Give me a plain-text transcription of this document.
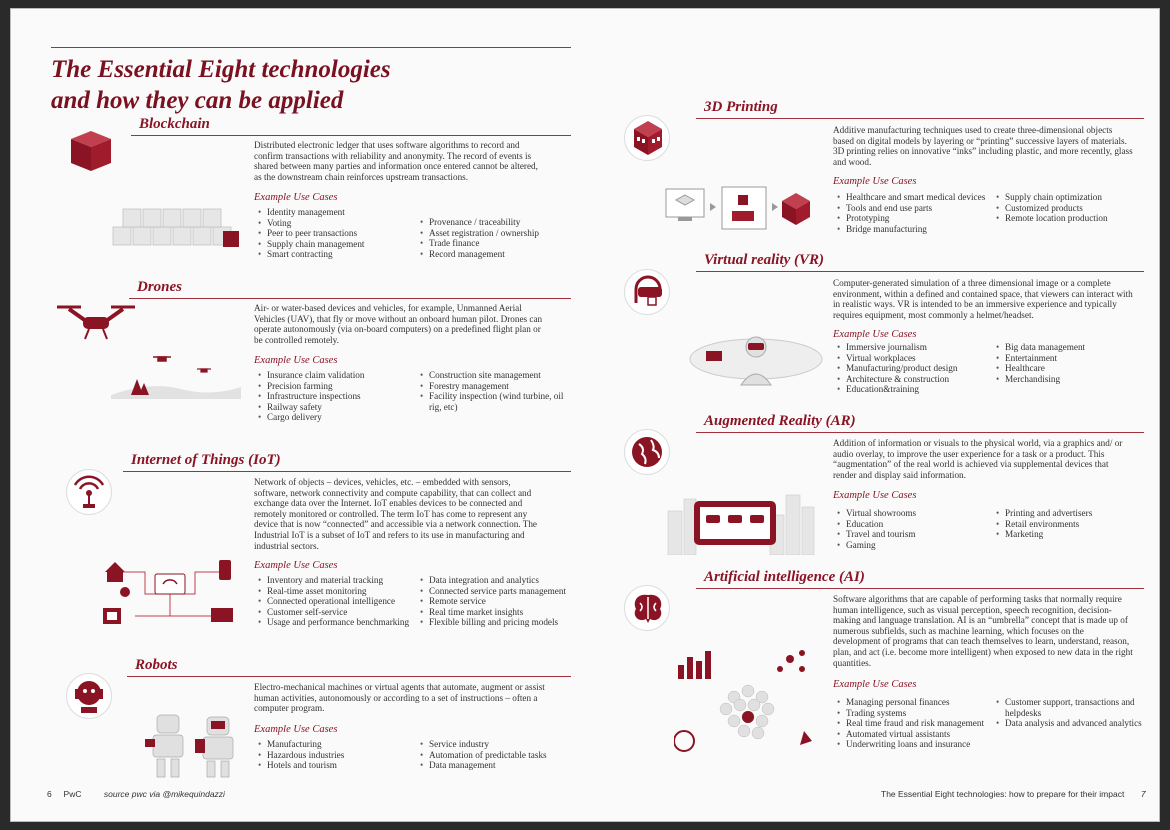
The Essential Eight technologies
and how they can be applied
Blockchain
Distributed electronic ledger that uses software algorithms to record and confirm transactions with reliability and anonymity. The record of events is shared between many parties and information once entered cannot be altered, as the downstream chain reinforces upstream transactions.
Example Use Cases
• Identity management
• Voting
• Peer to peer transactions
• Supply chain management
• Smart contracting
• Provenance / traceability
• Asset registration / ownership
• Trade finance
• Record management
Drones
Air- or water-based devices and vehicles, for example, Unmanned Aerial Vehicles (UAV), that fly or move without an onboard human pilot. Drones can operate autonomously (via on-board computers) on a predefined flight plan or be controlled remotely.
Example Use Cases
• Insurance claim validation
• Precision farming
• Infrastructure inspections
• Railway safety
• Cargo delivery
• Construction site management
• Forestry management
• Facility inspection (wind turbine, oil rig, etc)
Internet of Things (IoT)
Network of objects – devices, vehicles, etc. – embedded with sensors, software, network connectivity and compute capability, that can collect and exchange data over the Internet. IoT enables devices to be connected and remotely monitored or controlled. The term IoT has come to represent any device that is now “connected” and accessible via a network connection. The Industrial IoT is a subset of IoT and refers to its use in manufacturing and industrial sectors.
Example Use Cases
• Inventory and material tracking
• Real-time asset monitoring
• Connected operational intelligence
• Customer self-service
• Usage and performance benchmarking
• Data integration and analytics
• Connected service parts management
• Remote service
• Real time market insights
• Flexible billing and pricing models
Robots
Electro-mechanical machines or virtual agents that automate, augment or assist human activities, autonomously or according to a set of instructions – often a computer program.
Example Use Cases
• Manufacturing
• Hazardous industries
• Hotels and tourism
• Service industry
• Automation of predictable tasks
• Data management
6 PwC	source pwc via @mikequindazzi
3D Printing
Additive manufacturing techniques used to create three-dimensional objects based on digital models by layering or “printing” successive layers of materials. 3D printing relies on innovative “inks” including plastic, and more recently, glass and wood.
Example Use Cases
• Healthcare and smart medical devices
• Tools and end use parts
• Prototyping
• Bridge manufacturing
• Supply chain optimization
• Customized products
• Remote location production
Virtual reality (VR)
Computer-generated simulation of a three dimensional image or a complete environment, within a defined and contained space, that viewers can interact with in realistic ways. VR is intended to be an immersive experience and typically requires equipment, most commonly a helmet/headset.
Example Use Cases
• Immersive journalism
• Virtual workplaces
• Manufacturing/product design
• Architecture & construction
• Education&training
• Big data management
• Entertainment
• Healthcare
• Merchandising
Augmented Reality (AR)
Addition of information or visuals to the physical world, via a graphics and/ or audio overlay, to improve the user experience for a task or a product. This “augmentation” of the real world is achieved via supplemental devices that render and display said information.
Example Use Cases
• Virtual showrooms
• Education
• Travel and tourism
• Gaming
• Printing and advertisers
• Retail environments
• Marketing
Artificial intelligence (AI)
Software algorithms that are capable of performing tasks that normally require human intelligence, such as visual perception, speech recognition, decision-making and language translation. AI is an “umbrella” concept that is made up of numerous subfields, such as machine learning, which focuses on the development of programs that can teach themselves to learn, understand, reason, plan, and act (i.e. become more intelligent) when exposed to new data in the right quantities.
Example Use Cases
• Managing personal finances
• Trading systems
• Real time fraud and risk management
• Automated virtual assistants
• Underwriting loans and insurance
• Customer support, transactions and helpdesks
• Data analysis and advanced analytics
The Essential Eight technologies: how to prepare for their impact 7
